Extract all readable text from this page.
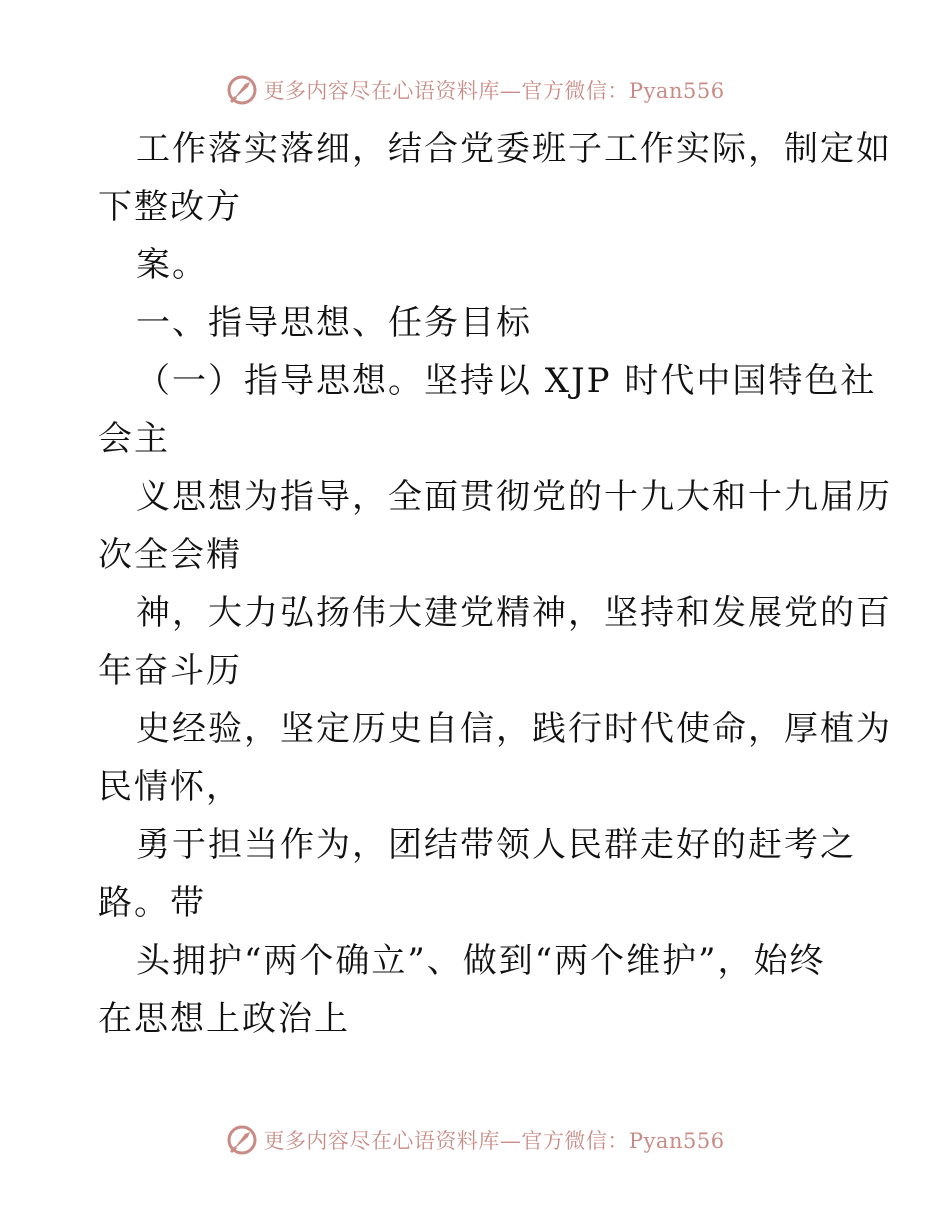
更多内容尽在心语资料库—官方微信：Pyan556
工作落实落细，结合党委班子工作实际，制定如
下整改方
案。
一、指导思想、任务目标
（一）指导思想。坚持以 XJP 时代中国特色社
会主
义思想为指导，全面贯彻党的十九大和十九届历
次全会精
神，大力弘扬伟大建党精神，坚持和发展党的百
年奋斗历
史经验，坚定历史自信，践行时代使命，厚植为
民情怀，
勇于担当作为，团结带领人民群走好的赶考之
路。带
头拥护“两个确立”、做到“两个维护”，始终
在思想上政治上
更多内容尽在心语资料库—官方微信：Pyan556
